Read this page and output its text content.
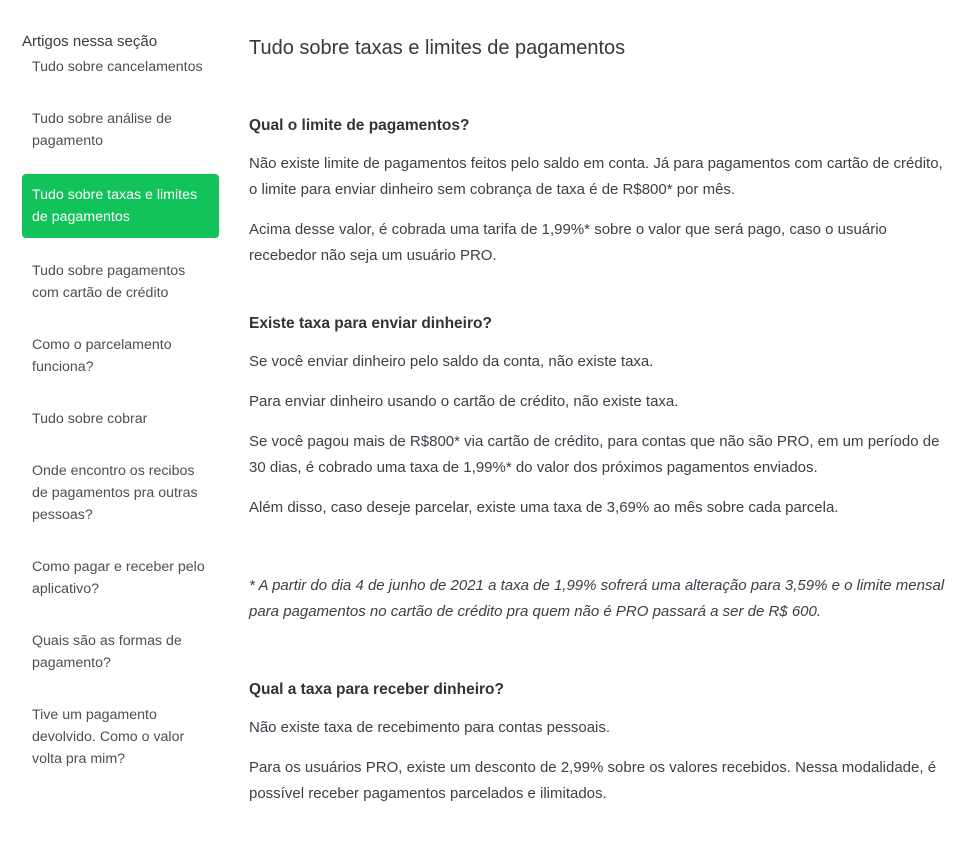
Artigos nessa seção
Tudo sobre cancelamentos
Tudo sobre análise de pagamento
Tudo sobre taxas e limites de pagamentos
Tudo sobre pagamentos com cartão de crédito
Como o parcelamento funciona?
Tudo sobre cobrar
Onde encontro os recibos de pagamentos pra outras pessoas?
Como pagar e receber pelo aplicativo?
Quais são as formas de pagamento?
Tive um pagamento devolvido. Como o valor volta pra mim?
Tudo sobre taxas e limites de pagamentos
Qual o limite de pagamentos?

Não existe limite de pagamentos feitos pelo saldo em conta. Já para pagamentos com cartão de crédito, o limite para enviar dinheiro sem cobrança de taxa é de R$800* por mês.

Acima desse valor, é cobrada uma tarifa de 1,99%* sobre o valor que será pago, caso o usuário recebedor não seja um usuário PRO.

Existe taxa para enviar dinheiro?

Se você enviar dinheiro pelo saldo da conta, não existe taxa.

Para enviar dinheiro usando o cartão de crédito, não existe taxa.

Se você pagou mais de R$800* via cartão de crédito, para contas que não são PRO, em um período de 30 dias, é cobrado uma taxa de 1,99%* do valor dos próximos pagamentos enviados.

Além disso, caso deseje parcelar, existe uma taxa de 3,69% ao mês sobre cada parcela.

* A partir do dia 4 de junho de 2021 a taxa de 1,99% sofrerá uma alteração para 3,59% e o limite mensal para pagamentos no cartão de crédito pra quem não é PRO passará a ser de R$ 600.

Qual a taxa para receber dinheiro?

Não existe taxa de recebimento para contas pessoais.

Para os usuários PRO, existe um desconto de 2,99% sobre os valores recebidos. Nessa modalidade, é possível receber pagamentos parcelados e ilimitados.
